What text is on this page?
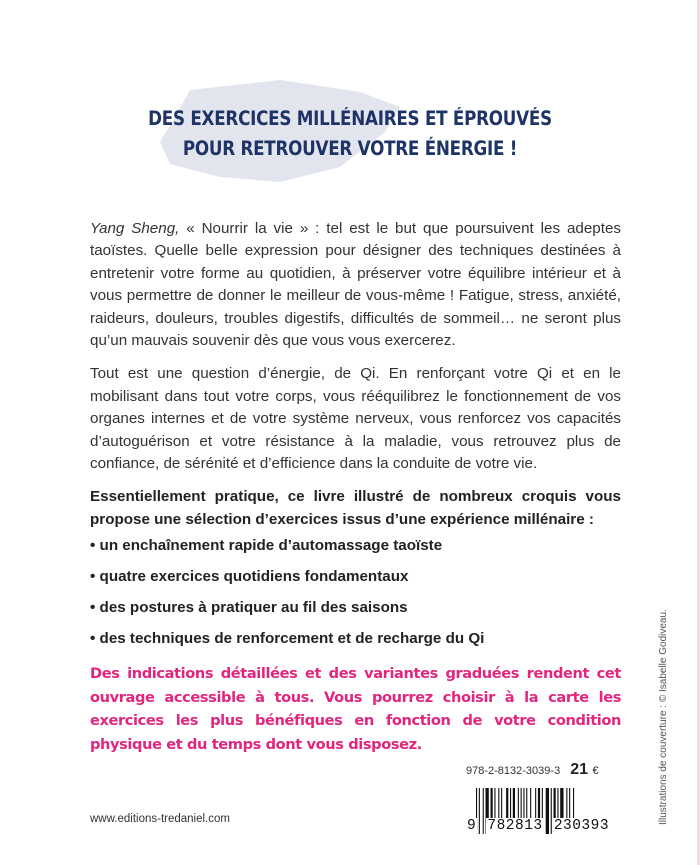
DES EXERCICES MILLÉNAIRES ET ÉPROUVÉS
POUR RETROUVER VOTRE ÉNERGIE !
Yang Sheng, « Nourrir la vie » : tel est le but que poursuivent les adeptes taoïstes. Quelle belle expression pour désigner des techniques destinées à entretenir votre forme au quotidien, à préserver votre équilibre intérieur et à vous permettre de donner le meilleur de vous-même ! Fatigue, stress, anxiété, raideurs, douleurs, troubles digestifs, difficultés de sommeil… ne seront plus qu’un mauvais souvenir dès que vous vous exercerez.
Tout est une question d’énergie, de Qi. En renforçant votre Qi et en le mobilisant dans tout votre corps, vous rééquilibrez le fonctionnement de vos organes internes et de votre système nerveux, vous renforcez vos capacités d’autoguérison et votre résistance à la maladie, vous retrouvez plus de confiance, de sérénité et d’efficience dans la conduite de votre vie.
Essentiellement pratique, ce livre illustré de nombreux croquis vous propose une sélection d’exercices issus d’une expérience millénaire :
• un enchaînement rapide d’automassage taoïste
• quatre exercices quotidiens fondamentaux
• des postures à pratiquer au fil des saisons
• des techniques de renforcement et de recharge du Qi
Des indications détaillées et des variantes graduées rendent cet ouvrage accessible à tous. Vous pourrez choisir à la carte les exercices les plus bénéfiques en fonction de votre condition physique et du temps dont vous disposez.
978-2-8132-3039-3 21 €
9 782813 230393
www.editions-tredaniel.com	Illustrations de couverture : © Isabelle Godiveau.
